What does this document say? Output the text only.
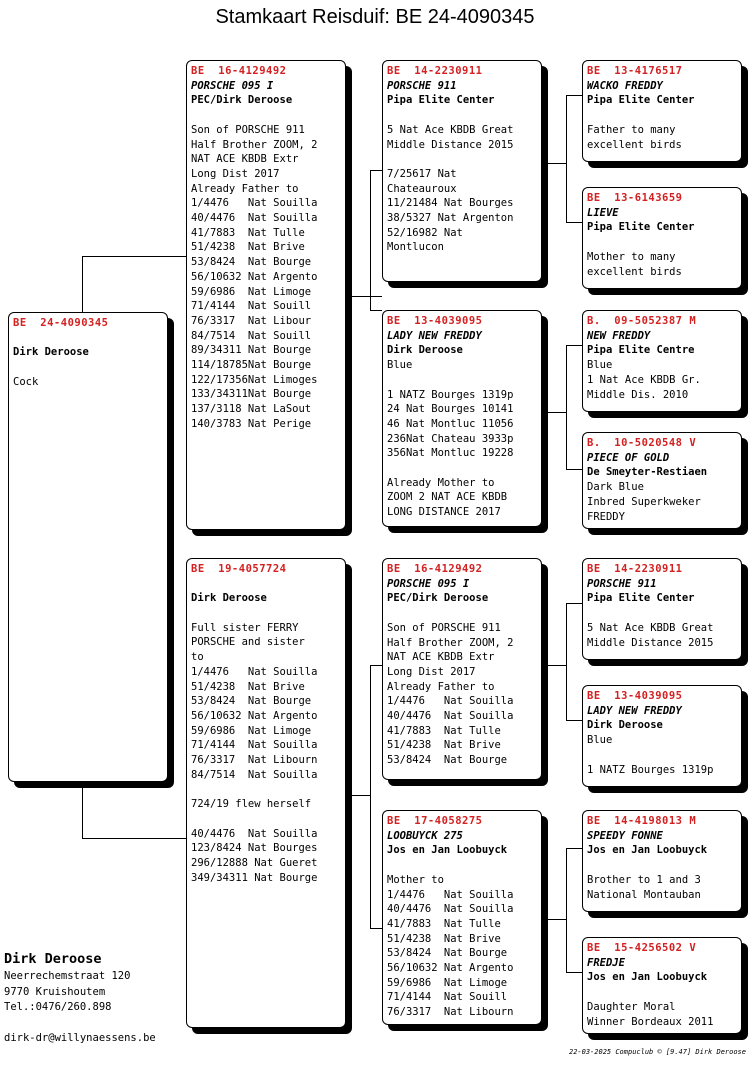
Stamkaart Reisduif: BE 24-4090345
BE  24-4090345
Dirk Deroose
Cock
BE  16-4129492
PORSCHE 095 I
PEC/Dirk Deroose
Son of PORSCHE 911
Half Brother ZOOM, 2
NAT ACE KBDB Extr
Long Dist 2017
Already Father to
1/4476   Nat Souilla
40/4476  Nat Souilla
41/7883  Nat Tulle
51/4238  Nat Brive
53/8424  Nat Bourge
56/10632 Nat Argento
59/6986  Nat Limoge
71/4144  Nat Souill
76/3317  Nat Libour
84/7514  Nat Souill
89/34311 Nat Bourge
114/18785Nat Bourge
122/17356Nat Limoges
133/34311Nat Bourge
137/3118 Nat LaSout
140/3783 Nat Perige
BE  19-4057724
Dirk Deroose
Full sister FERRY
PORSCHE and sister
to
1/4476   Nat Souilla
51/4238  Nat Brive
53/8424  Nat Bourge
56/10632 Nat Argento
59/6986  Nat Limoge
71/4144  Nat Souilla
76/3317  Nat Libourn
84/7514  Nat Souilla
724/19 flew herself
40/4476  Nat Souilla
123/8424 Nat Bourges
296/12888 Nat Gueret
349/34311 Nat Bourge
BE  14-2230911
PORSCHE 911
Pipa Elite Center
5 Nat Ace KBDB Great
Middle Distance 2015
7/25617 Nat
Chateauroux
11/21484 Nat Bourges
38/5327 Nat Argenton
52/16982 Nat
Montlucon
BE  13-4039095
LADY NEW FREDDY
Dirk Deroose
Blue
1 NATZ Bourges 1319p
24 Nat Bourges 10141
46 Nat Montluc 11056
236Nat Chateau 3933p
356Nat Montluc 19228
Already Mother to
ZOOM 2 NAT ACE KBDB
LONG DISTANCE 2017
BE  16-4129492
PORSCHE 095 I
PEC/Dirk Deroose
Son of PORSCHE 911
Half Brother ZOOM, 2
NAT ACE KBDB Extr
Long Dist 2017
Already Father to
1/4476   Nat Souilla
40/4476  Nat Souilla
41/7883  Nat Tulle
51/4238  Nat Brive
53/8424  Nat Bourge
BE  17-4058275
LOOBUYCK 275
Jos en Jan Loobuyck
Mother to
1/4476   Nat Souilla
40/4476  Nat Souilla
41/7883  Nat Tulle
51/4238  Nat Brive
53/8424  Nat Bourge
56/10632 Nat Argento
59/6986  Nat Limoge
71/4144  Nat Souill
76/3317  Nat Libourn
BE  13-4176517
WACKO FREDDY
Pipa Elite Center
Father to many
excellent birds
BE  13-6143659
LIEVE
Pipa Elite Center
Mother to many
excellent birds
B.  09-5052387 M
NEW FREDDY
Pipa Elite Centre
Blue
1 Nat Ace KBDB Gr.
Middle Dis. 2010
B.  10-5020548 V
PIECE OF GOLD
De Smeyter-Restiaen
Dark Blue
Inbred Superkweker
FREDDY
BE  14-2230911
PORSCHE 911
Pipa Elite Center
5 Nat Ace KBDB Great
Middle Distance 2015
BE  13-4039095
LADY NEW FREDDY
Dirk Deroose
Blue
1 NATZ Bourges 1319p
BE  14-4198013 M
SPEEDY FONNE
Jos en Jan Loobuyck
Brother to 1 and 3
National Montauban
BE  15-4256502 V
FREDJE
Jos en Jan Loobuyck
Daughter Moral
Winner Bordeaux 2011
Dirk Deroose
Neerrechemstraat 120
9770 Kruishoutem
Tel.:0476/260.898
dirk-dr@willynaessens.be
22-03-2025 Compuclub © [9.47] Dirk Deroose
